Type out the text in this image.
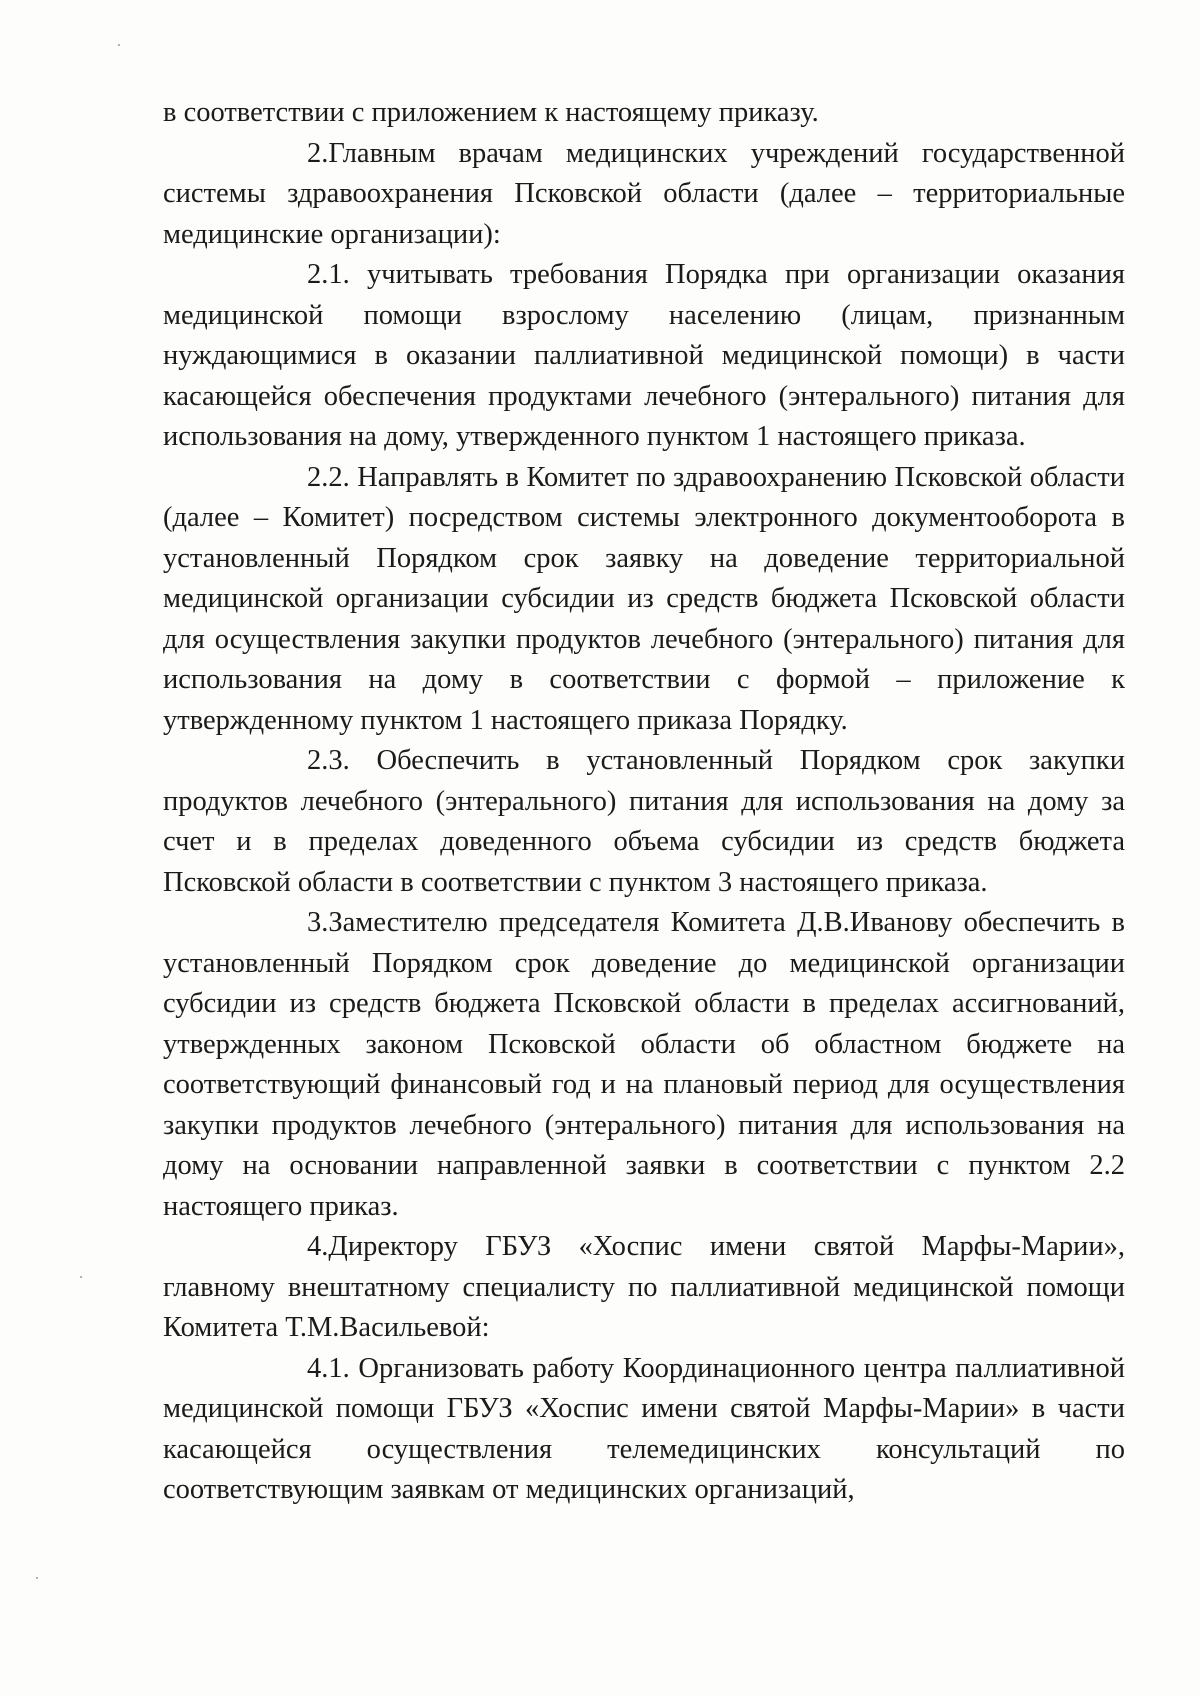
в соответствии с приложением к настоящему приказу.

2.Главным врачам медицинских учреждений государственной системы здравоохранения Псковской области (далее – территориальные медицинские организации):

2.1. учитывать требования Порядка при организации оказания медицинской помощи взрослому населению (лицам, признанным нуждающимися в оказании паллиативной медицинской помощи) в части касающейся обеспечения продуктами лечебного (энтерального) питания для использования на дому, утвержденного пунктом 1 настоящего приказа.

2.2. Направлять в Комитет по здравоохранению Псковской области (далее – Комитет) посредством системы электронного документооборота в установленный Порядком срок заявку на доведение территориальной медицинской организации субсидии из средств бюджета Псковской области для осуществления закупки продуктов лечебного (энтерального) питания для использования на дому в соответствии с формой – приложение к утвержденному пунктом 1 настоящего приказа Порядку.

2.3. Обеспечить в установленный Порядком срок закупки продуктов лечебного (энтерального) питания для использования на дому за счет и в пределах доведенного объема субсидии из средств бюджета Псковской области в соответствии с пунктом 3 настоящего приказа.

3.Заместителю председателя Комитета Д.В.Иванову обеспечить в установленный Порядком срок доведение до медицинской организации субсидии из средств бюджета Псковской области в пределах ассигнований, утвержденных законом Псковской области об областном бюджете на соответствующий финансовый год и на плановый период для осуществления закупки продуктов лечебного (энтерального) питания для использования на дому на основании направленной заявки в соответствии с пунктом 2.2 настоящего приказ.

4.Директору ГБУЗ «Хоспис имени святой Марфы-Марии», главному внештатному специалисту по паллиативной медицинской помощи Комитета Т.М.Васильевой:

4.1. Организовать работу Координационного центра паллиативной медицинской помощи ГБУЗ «Хоспис имени святой Марфы-Марии» в части касающейся осуществления телемедицинских консультаций по соответствующим заявкам от медицинских организаций,
